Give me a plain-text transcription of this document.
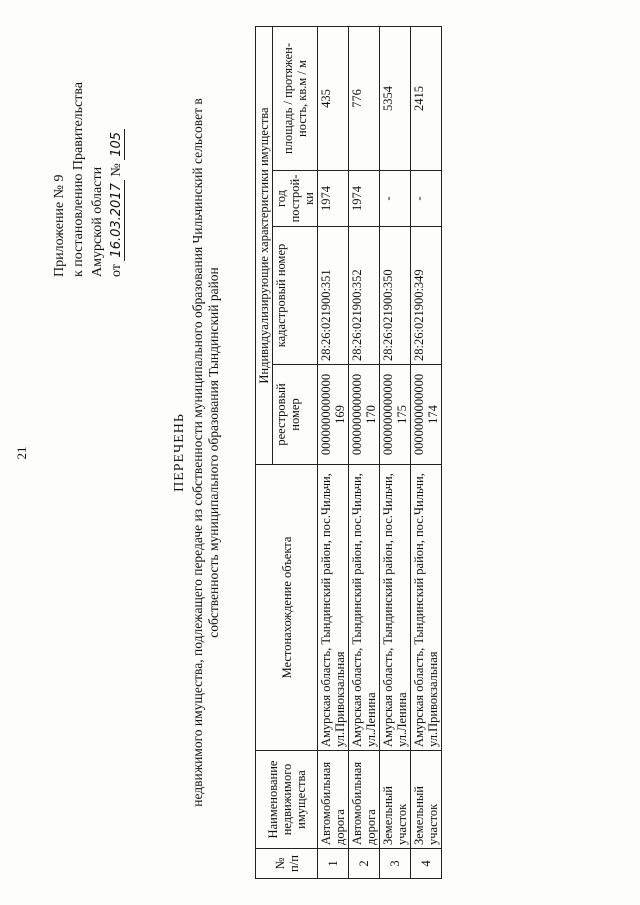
21
Приложение № 9 к постановлению Правительства Амурской области от 16.03.2017 № 105
ПЕРЕЧЕНЬ недвижимого имущества, подлежащего передаче из собственности муниципального образования Чильчинский сельсовет в собственность муниципального образования Тындинский район
№ п/п	Наименование недвижимого имущества	Местонахождение объекта	Индивидуализирующие характеристики имущества			
			реестровый номер	кадастровый номер	год построй-ки	площадь / протяжен-ность, кв.м / м
1	Автомобильная дорога	Амурская область, Тындинский район, пос.Чильчи, ул.Привокзальная	0000000000000 169	28:26:021900:351	1974	435
2	Автомобильная дорога	Амурская область, Тындинский район, пос.Чильчи, ул.Ленина	0000000000000 170	28:26:021900:352	1974	776
3	Земельный участок	Амурская область, Тындинский район, пос.Чильчи, ул.Ленина	0000000000000 175	28:26:021900:350	-	5354
4	Земельный участок	Амурская область, Тындинский район, пос.Чильчи, ул.Привокзальная	0000000000000 174	28:26:021900:349	-	2415
